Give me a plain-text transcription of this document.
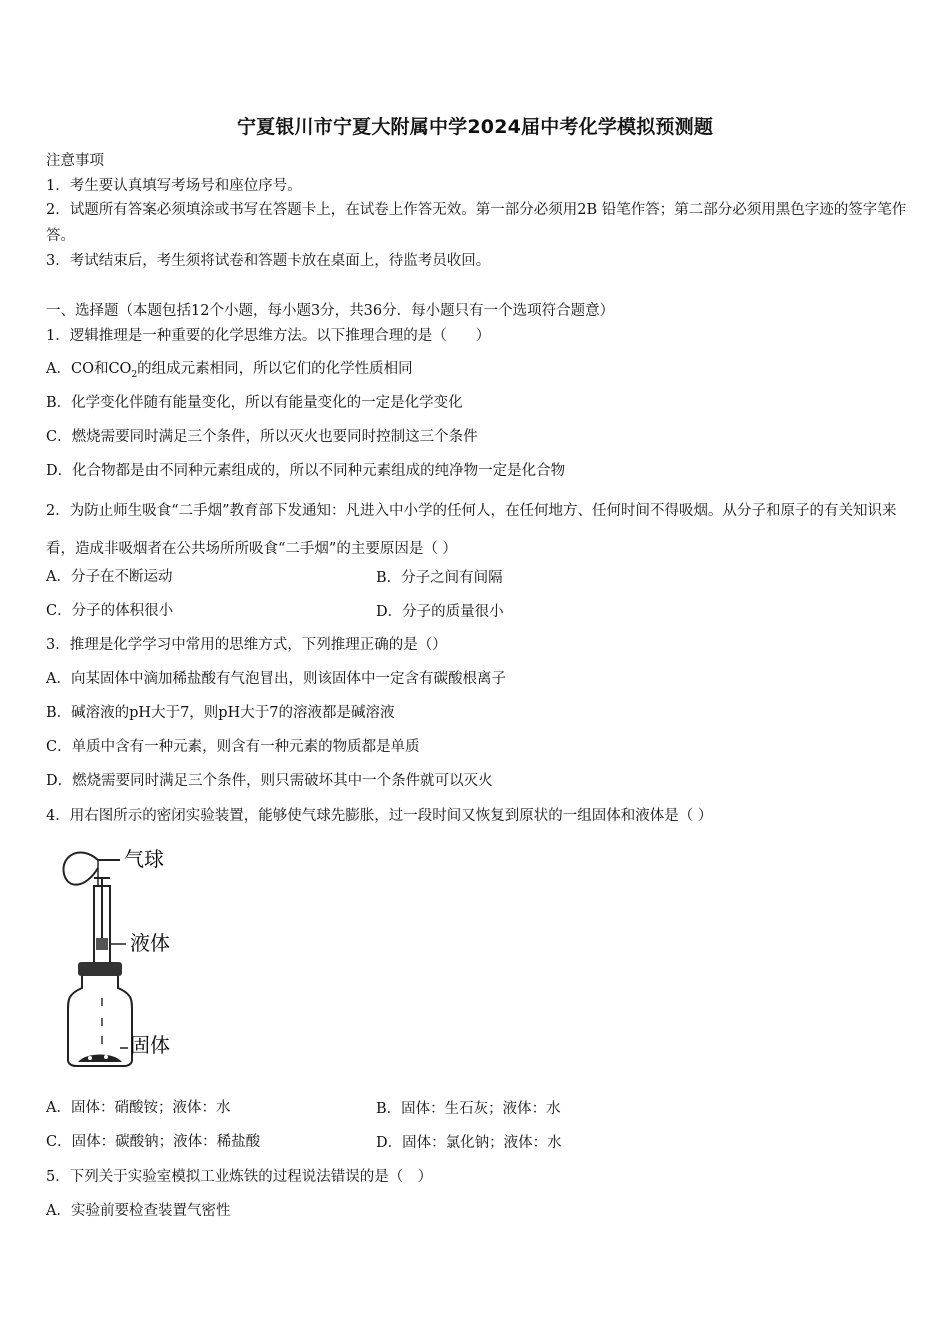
宁夏银川市宁夏大附属中学2024届中考化学模拟预测题
注意事项
1．考生要认真填写考场号和座位序号。
2．试题所有答案必须填涂或书写在答题卡上，在试卷上作答无效。第一部分必须用2B 铅笔作答；第二部分必须用黑色字迹的签字笔作答。
3．考试结束后，考生须将试卷和答题卡放在桌面上，待监考员收回。
一、选择题（本题包括12个小题，每小题3分，共36分．每小题只有一个选项符合题意）
1．逻辑推理是一种重要的化学思维方法。以下推理合理的是（　　）
A．CO和$CO_2$的组成元素相同，所以它们的化学性质相同
B．化学变化伴随有能量变化，所以有能量变化的一定是化学变化
C．燃烧需要同时满足三个条件，所以灭火也要同时控制这三个条件
D．化合物都是由不同种元素组成的，所以不同种元素组成的纯净物一定是化合物
2．为防止师生吸食“二手烟”教育部下发通知：凡进入中小学的任何人，在任何地方、任何时间不得吸烟。从分子和原子的有关知识来看，造成非吸烟者在公共场所所吸食“二手烟”的主要原因是（ ）
A．分子在不断运动	B．分子之间有间隔
C．分子的体积很小	D．分子的质量很小
3．推理是化学学习中常用的思维方式，下列推理正确的是（）
A．向某固体中滴加稀盐酸有气泡冒出，则该固体中一定含有碳酸根离子
B．碱溶液的pH大于7，则pH大于7的溶液都是碱溶液
C．单质中含有一种元素，则含有一种元素的物质都是单质
D．燃烧需要同时满足三个条件，则只需破坏其中一个条件就可以灭火
4．用右图所示的密闭实验装置，能够使气球先膨胀，过一段时间又恢复到原状的一组固体和液体是（ ）
气球
液体
固体
A．固体：硝酸铵；液体：水	B．固体：生石灰；液体：水
C．固体：碳酸钠；液体：稀盐酸	D．固体：氯化钠；液体：水
5．下列关于实验室模拟工业炼铁的过程说法错误的是（　）
A．实验前要检查装置气密性
